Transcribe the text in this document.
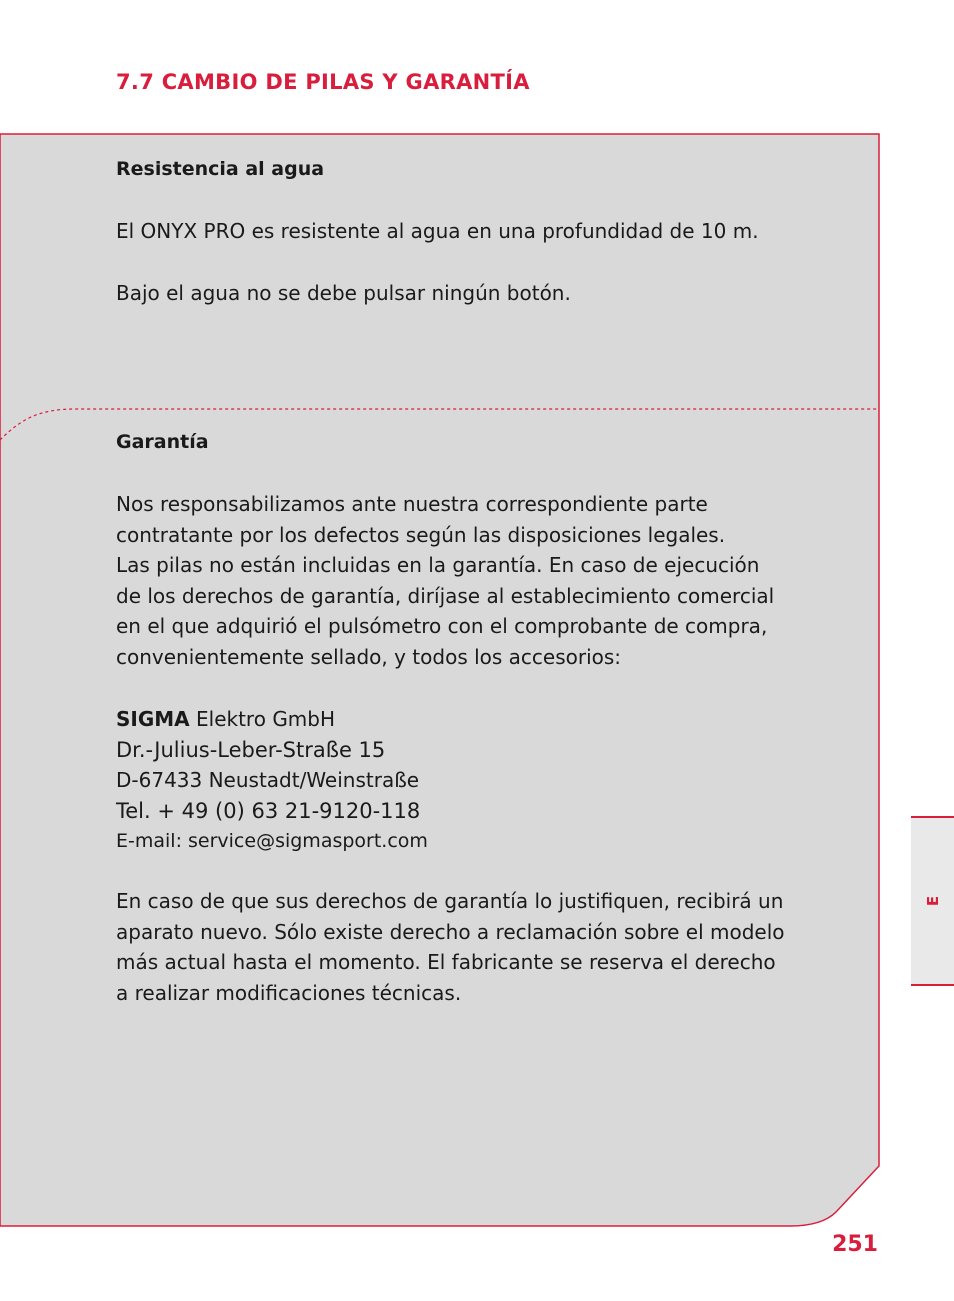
7.7 CAMBIO DE PILAS Y GARANTÍA

Resistencia al agua

El ONYX PRO es resistente al agua en una profundidad de 10 m.

Bajo el agua no se debe pulsar ningún botón.

Garantía

Nos responsabilizamos ante nuestra correspondiente parte
contratante por los defectos según las disposiciones legales.
Las pilas no están incluidas en la garantía. En caso de ejecución
de los derechos de garantía, diríjase al establecimiento comercial
en el que adquirió el pulsómetro con el comprobante de compra,
convenientemente sellado, y todos los accesorios:
SIGMA Elektro GmbH
Dr.-Julius-Leber-Straße 15
D-67433 Neustadt/Weinstraße
Tel. + 49 (0) 63 21-9120-118
E-mail: service@sigmasport.com
En caso de que sus derechos de garantía lo justifiquen, recibirá un
aparato nuevo. Sólo existe derecho a reclamación sobre el modelo
más actual hasta el momento. El fabricante se reserva el derecho
a realizar modificaciones técnicas.
E
251
